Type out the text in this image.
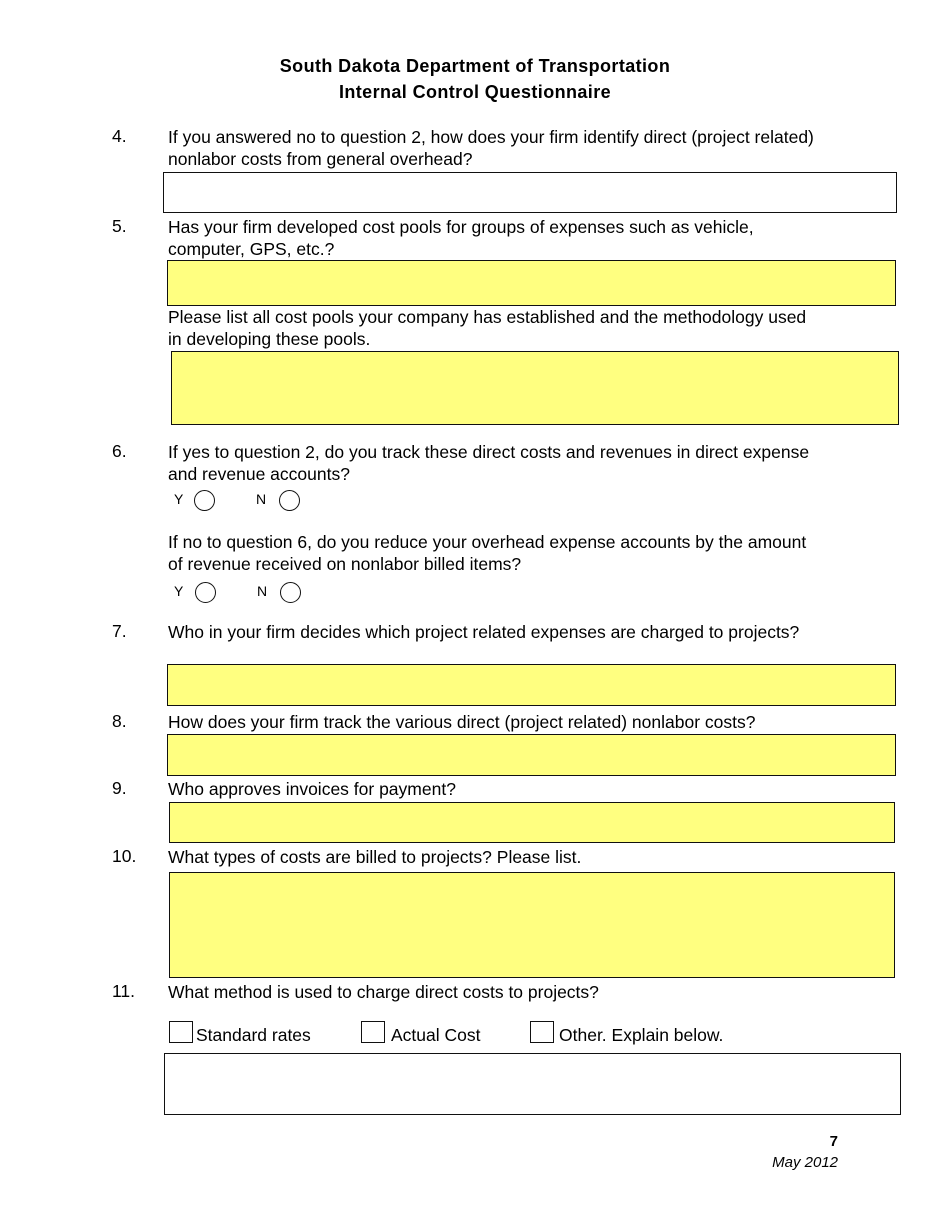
South Dakota Department of Transportation
Internal Control Questionnaire
4. If you answered no to question 2, how does your firm identify direct (project related) nonlabor costs from general overhead?
5. Has your firm developed cost pools for groups of expenses such as vehicle, computer, GPS, etc.?
Please list all cost pools your company has established and the methodology used in developing these pools.
6. If yes to question 2, do you track these direct costs and revenues in direct expense and revenue accounts?
Y	N
If no to question 6, do you reduce your overhead expense accounts by the amount of revenue received on nonlabor billed items?
Y	N
7. Who in your firm decides which project related expenses are charged to projects?
8. How does your firm track the various direct (project related) nonlabor costs?
9. Who approves invoices for payment?
10. What types of costs are billed to projects? Please list.
11. What method is used to charge direct costs to projects?
Standard rates	Actual Cost	Other. Explain below.
7
May 2012
